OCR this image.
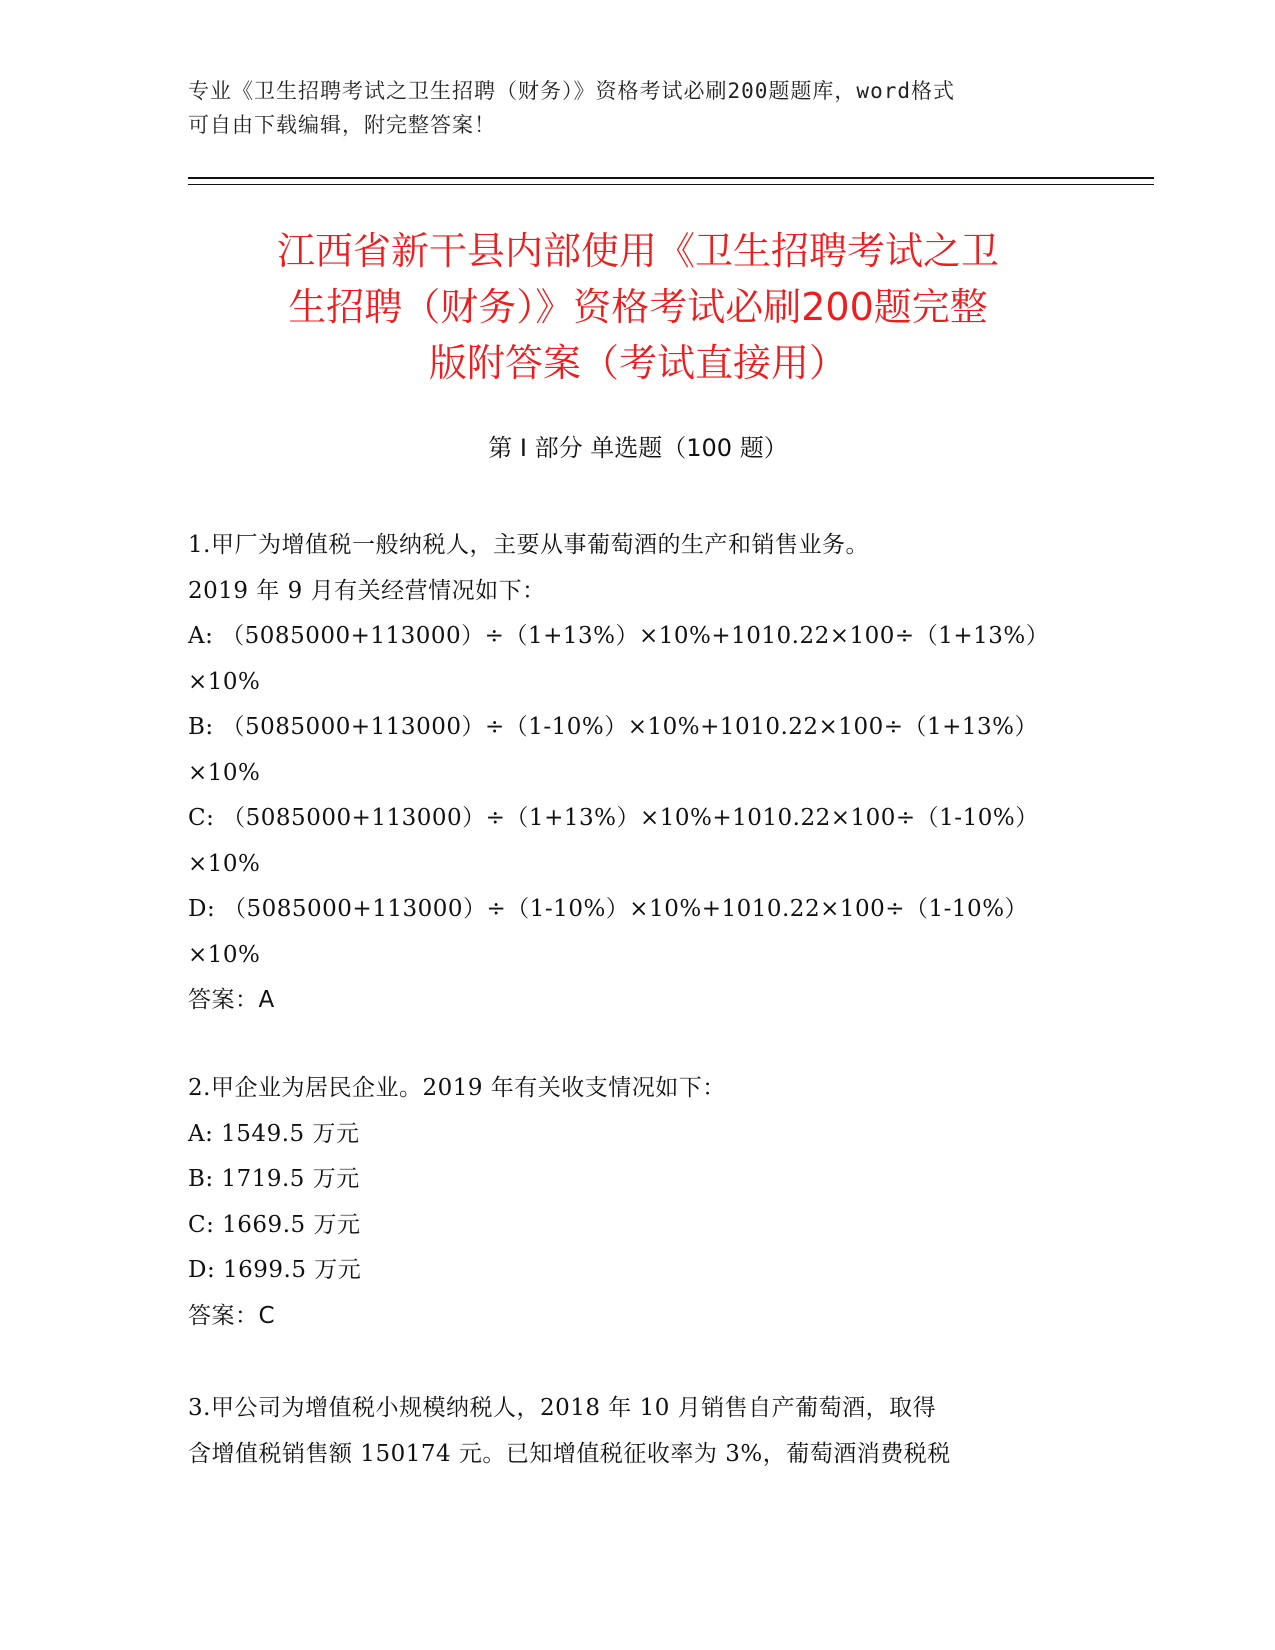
专业《卫生招聘考试之卫生招聘（财务）》资格考试必刷200题题库，word格式
可自由下载编辑，附完整答案！
江西省新干县内部使用《卫生招聘考试之卫
生招聘（财务）》资格考试必刷200题完整
版附答案（考试直接用）
第 I 部分 单选题（100 题）
1.甲厂为增值税一般纳税人，主要从事葡萄酒的生产和销售业务。
2019 年 9 月有关经营情况如下：
A: （5085000+113000）÷（1+13%）×10%+1010.22×100÷（1+13%）
×10%
B: （5085000+113000）÷（1-10%）×10%+1010.22×100÷（1+13%）
×10%
C: （5085000+113000）÷（1+13%）×10%+1010.22×100÷（1-10%）
×10%
D: （5085000+113000）÷（1-10%）×10%+1010.22×100÷（1-10%）
×10%
答案：A
2.甲企业为居民企业。2019 年有关收支情况如下：
A: 1549.5 万元
B: 1719.5 万元
C: 1669.5 万元
D: 1699.5 万元
答案：C
3.甲公司为增值税小规模纳税人，2018 年 10 月销售自产葡萄酒，取得
含增值税销售额 150174 元。已知增值税征收率为 3%，葡萄酒消费税税
